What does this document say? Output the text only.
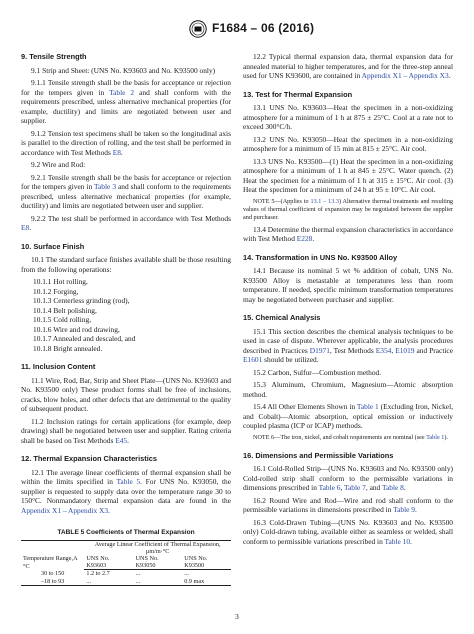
F1684 – 06 (2016)
9. Tensile Strength

9.1 Strip and Sheet: (UNS No. K93603 and No. K93500 only)

9.1.1 Tensile strength shall be the basis for acceptance or rejection for the tempers given in Table 2 and shall conform with the requirements prescribed, unless alternative mechanical properties (for example, ductility) and limits are negotiated between user and supplier.

9.1.2 Tension test specimens shall be taken so the longitudinal axis is parallel to the direction of rolling, and the test shall be performed in accordance with Test Methods E8.

9.2 Wire and Rod:

9.2.1 Tensile strength shall be the basis for acceptance or rejection for the tempers given in Table 3 and shall conform to the requirements prescribed, unless alternative mechanical properties (for example, ductility) and limits are negotiated between user and supplier.

9.2.2 The test shall be performed in accordance with Test Methods E8.

10. Surface Finish

10.1 The standard surface finishes available shall be those resulting from the following operations:

10.1.1 Hot rolling,
10.1.2 Forging,
10.1.3 Centerless grinding (rod),
10.1.4 Belt polishing,
10.1.5 Cold rolling,
10.1.6 Wire and rod drawing,
10.1.7 Annealed and descaled, and
10.1.8 Bright annealed.
11. Inclusion Content

11.1 Wire, Rod, Bar, Strip and Sheet Plate—(UNS No. K93603 and No. K93500 only) These product forms shall be free of inclusions, cracks, blow holes, and other defects that are detrimental to the quality of subsequent product.

11.2 Inclusion ratings for certain applications (for example, deep drawing) shall be negotiated between user and supplier. Rating criteria shall be based on Test Methods E45.

12. Thermal Expansion Characteristics

12.1 The average linear coefficients of thermal expansion shall be within the limits specified in Table 5. For UNS No. K93050, the supplier is requested to supply data over the temperature range 30 to 150°C. Nonmandatory thermal expansion data are found in the Appendix X1 – Appendix X3.

TABLE 5 Coefficients of Thermal Expansion
	Average Linear Coefficient of Thermal Expansion, μm/m·°C		
Temperature Range,A °C	UNS No.	UNS No.	UNS No.
	K93603	K93050	K93500
30 to 150	1.2 to 2.7	...	...
–18 to 93	...	...	0.9 max

12.2 Typical thermal expansion data, thermal expansion data for annealed material to higher temperatures, and for the three-step anneal used for UNS K93600, are contained in Appendix X1 – Appendix X3.

13. Test for Thermal Expansion

13.1 UNS No. K93603—Heat the specimen in a non-oxidizing atmosphere for a minimum of 1 h at 875 ± 25°C. Cool at a rate not to exceed 300°C/h.

13.2 UNS No. K93050—Heat the specimen in a non-oxidizing atmosphere for a minimum of 15 min at 815 ± 25°C. Air cool.

13.3 UNS No. K93500—(1) Heat the specimen in a non-oxidizing atmosphere for a minimum of 1 h at 845 ± 25°C. Water quench. (2) Heat the specimen for a minimum of 1 h at 315 ± 15°C. Air cool. (3) Heat the specimen for a minimum of 24 h at 95 ± 10°C. Air cool.

NOTE 5—(Applies to 13.1 – 13.3) Alternative thermal treatments and resulting values of thermal coefficient of expansion may be negotiated between the supplier and purchaser.

13.4 Determine the thermal expansion characteristics in accordance with Test Method E228.

14. Transformation in UNS No. K93500 Alloy

14.1 Because its nominal 5 wt % addition of cobalt, UNS No. K93500 Alloy is metastable at temperatures less than room temperature. If needed, specific minimum transformation temperatures may be negotiated between purchaser and supplier.

15. Chemical Analysis

15.1 This section describes the chemical analysis techniques to be used in case of dispute. Wherever applicable, the analysis procedures described in Practices D1971, Test Methods E354, E1019 and Practice E1601 should be utilized.

15.2 Carbon, Sulfur—Combustion method.

15.3 Aluminum, Chromium, Magnesium—Atomic absorption method.

15.4 All Other Elements Shown in Table 1 (Excluding Iron, Nickel, and Cobalt)—Atomic absorption, optical emission or inductively coupled plasma (ICP or ICAP) methods.

NOTE 6—The iron, nickel, and cobalt requirements are nominal (see Table 1).

16. Dimensions and Permissible Variations

16.1 Cold-Rolled Strip—(UNS No. K93603 and No. K93500 only) Cold-rolled strip shall conform to the permissible variations in dimensions prescribed in Table 6, Table 7, and Table 8.

16.2 Round Wire and Rod—Wire and rod shall conform to the permissible variations in dimensions prescribed in Table 9.

16.3 Cold-Drawn Tubing—(UNS No. K93603 and No. K93500 only) Cold-drawn tubing, available either as seamless or welded, shall conform to permissible variations prescribed in Table 10.

3
